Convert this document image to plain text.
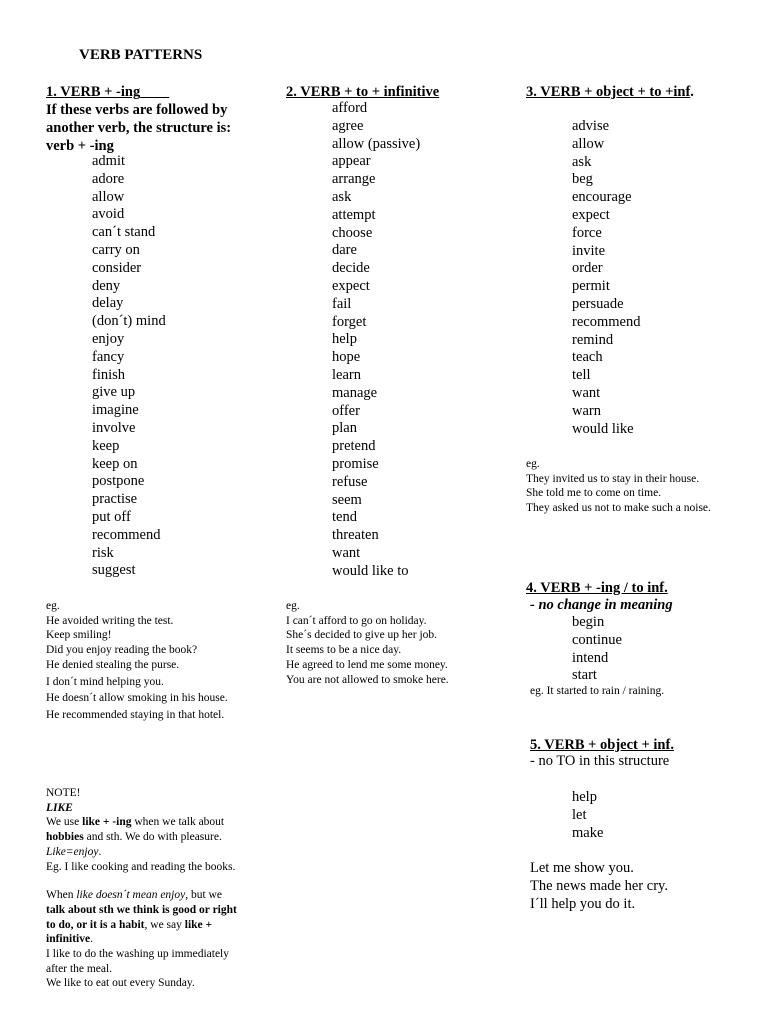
VERB PATTERNS
1. VERB + -ing
If these verbs are followed by another verb, the structure is: verb + -ing
admit
adore
allow
avoid
can´t stand
carry on
consider
deny
delay
(don´t) mind
enjoy
fancy
finish
give up
imagine
involve
keep
keep on
postpone
practise
put off
recommend
risk
suggest

eg.

He avoided writing the test.

Keep smiling!

Did you enjoy reading the book?

He denied stealing the purse.

I don´t mind helping you.

He doesn´t allow smoking in his house.

He recommended staying in that hotel.

NOTE!

LIKE

We use like + -ing when we talk about hobbies and sth. We do with pleasure. Like=enjoy.

Eg. I like cooking and reading the books.

When like doesn´t mean enjoy, but we talk about sth we think is good or right to do, or it is a habit, we say like + infinitive.

I like to do the washing up immediately after the meal.

We like to eat out every Sunday.

2. VERB + to + infinitive
afford
agree
allow (passive)
appear
arrange
ask
attempt
choose
dare
decide
expect
fail
forget
help
hope
learn
manage
offer
plan
pretend
promise
refuse
seem
tend
threaten
want
would like to

eg.

I can´t afford to go on holiday.

She´s decided to give up her job.

It seems to be a nice day.

He agreed to lend me some money.

You are not allowed to smoke here.

3. VERB + object + to +inf.
advise
allow
ask
beg
encourage
expect
force
invite
order
permit
persuade
recommend
remind
teach
tell
want
warn
would like

eg.

They invited us to stay in their house.

She told me to come on time.

They asked us not to make such a noise.

4. VERB + -ing / to inf.
- no change in meaning
begin
continue
intend
start
eg. It started to rain / raining.
5. VERB + object + inf.
- no TO in this structure
help
let
make

Let me show you.

The news made her cry.

I´ll help you do it.
